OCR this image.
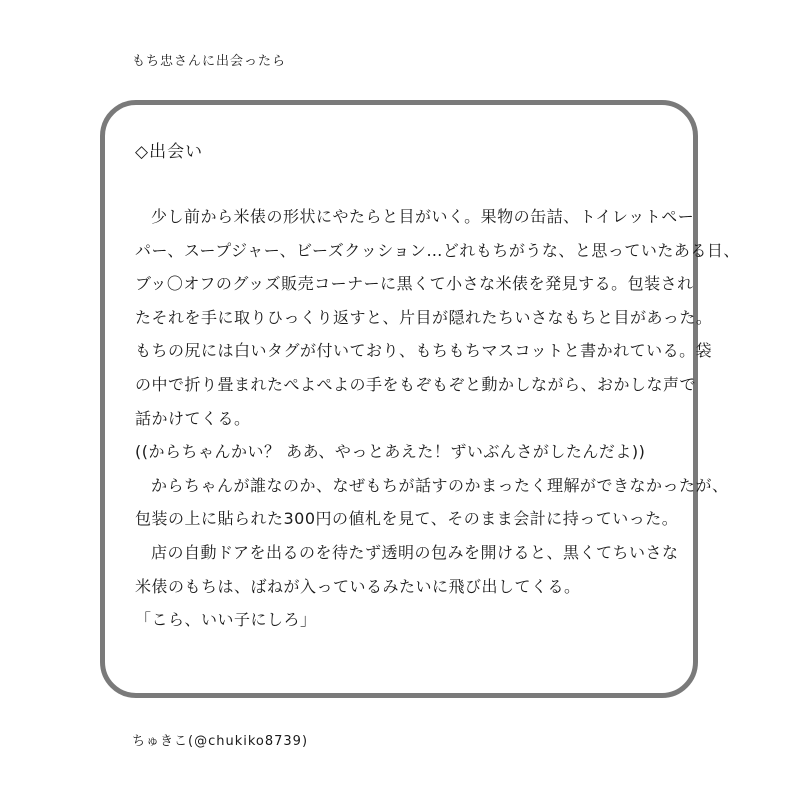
もち忠さんに出会ったら
◇出会い
少し前から米俵の形状にやたらと目がいく。果物の缶詰、トイレットペー
パー、スープジャー、ビーズクッション…どれもちがうな、と思っていたある日、
ブッ〇オフのグッズ販売コーナーに黒くて小さな米俵を発見する。包装され
たそれを手に取りひっくり返すと、片目が隠れたちいさなもちと目があった。
もちの尻には白いタグが付いており、もちもちマスコットと書かれている。袋
の中で折り畳まれたぺよぺよの手をもぞもぞと動かしながら、おかしな声で
話かけてくる。
((からちゃんかい？ ああ、やっとあえた！ずいぶんさがしたんだよ))
からちゃんが誰なのか、なぜもちが話すのかまったく理解ができなかったが、
包装の上に貼られた300円の値札を見て、そのまま会計に持っていった。
店の自動ドアを出るのを待たず透明の包みを開けると、黒くてちいさな
米俵のもちは、ばねが入っているみたいに飛び出してくる。
「こら、いい子にしろ」
ちゅきこ(@chukiko8739)
